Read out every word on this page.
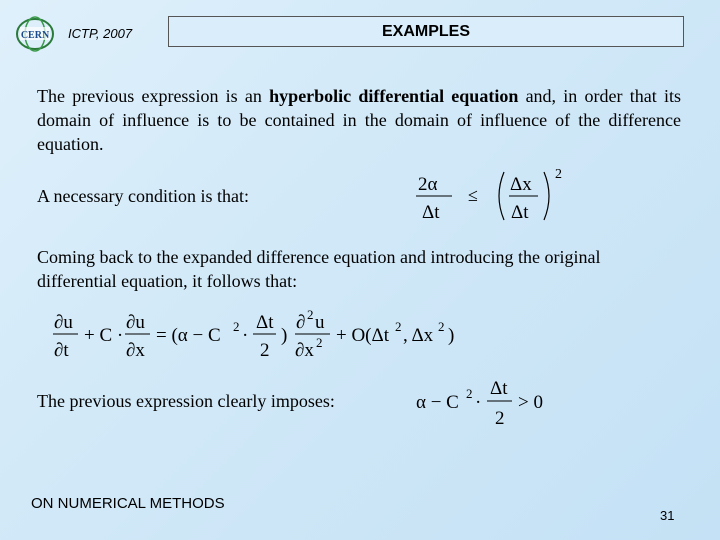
CERN ICTP, 2007	EXAMPLES
The previous expression is an hyperbolic differential equation and, in order that its domain of influence is to be contained in the domain of influence of the difference equation.
A necessary condition is that:
2α
Δt
≤ Δx
Δt
2
Coming back to the expanded difference equation and introducing the original differential equation, it follows that:
∂u
∂t
+ C ·
∂u
∂x
= (α − C 2 ·
Δt
2
)
∂ 2 u
∂x 2 + O(Δt 2 , Δx 2 )
The previous expression clearly imposes:	α − C 2 ·
Δt
2
> 0
ON NUMERICAL METHODS
31
